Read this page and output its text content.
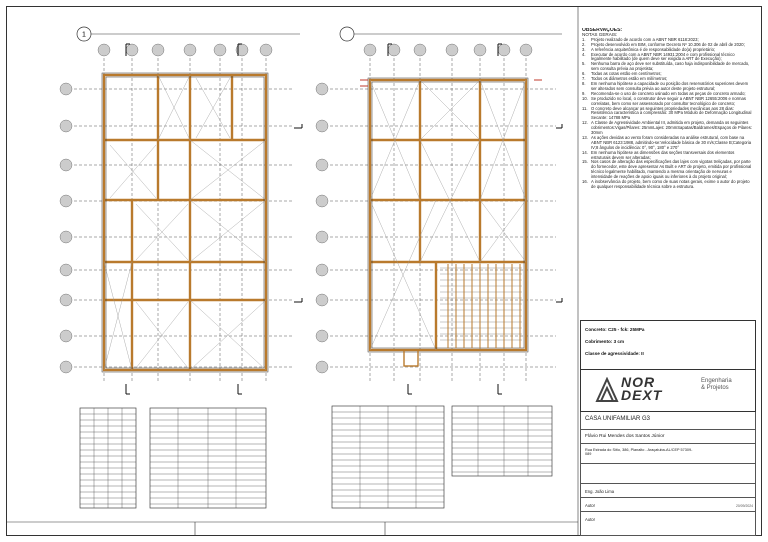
1
OBSERVAÇÕES:
NOTAS GERAIS:
1.	Projeto realizado de acordo com a ABNT NBR 6118:2023;
2.	Projeto desenvolvido em BIM, conforme Decreto Nº 10.306 de 02 de abril de 2020;
3.	A referência arquitetônica é de responsabilidade do(a) proprietário;
4.	Executar de acordo com a ABNT NBR 14931:2004 e com profissional técnico legalmente habilitado (de quem deve ser exigida a ART de Execução);
5.	Nenhuma barra de aço deve ser substituída, caso haja indisponibilidade de mercado, sem consulta prévia ao projetista;
6.	Todas as cotas estão em centímetros;
7.	Todos os diâmetros estão em milímetros;
8.	Em nenhuma hipótese a capacidade ou posição dos reservatórios superiores devem ser alterados sem consulta prévia ao autor deste projeto estrutural;
9.	Recomenda-se o uso de concreto usinado em todas as peças de concreto armado;
10. Se produzido no local, o construtor deve seguir a ABNT NBR 12655:2006 e normas correlatas, bem como ser assessorado por consultor tecnológico de concreto;
11. O concreto deve alcançar as seguintes propriedades mecânicas aos 28 dias: Resistência característica à compressão: 30 MPa Módulo de Deformação Longitudinal Secante: 14788 MPa
12. A Classe de Agressividade Ambiental III, admitida em projeto, demanda os seguintes cobrimentos:Vigas/Pilares: 25mmLajes: 20mmSapatas/Baldrames/Espaços de Pilares: 30mm
13. As ações devidas ao vento foram consideradas na análise estrutural, com base na ABNT NBR 6123:1988, admitindo-se:Velocidade básica de 30 m/s;Classe B;Categoria IV;8 ângulos de incidência: 0°, 90°, 180° e 270°
14. Em nenhuma hipótese as dimensões das seções transversais dos elementos estruturais devem ser alteradas;
15. Nos casos de alteração das especificações das lajes com vigotas treliçadas, por parte do fornecedor, este deve apresentar As Built e ART de projeto, emitida por profissional técnico legalmente habilitado, mantendo a mesma orientação de nervuras e intensidade de reações de apoio iguais ou inferiores à do projeto original;
16. A inobservância do projeto, bem como de suas notas gerais, exime o autor do projeto de qualquer responsabilidade técnica sobre a estrutura.
Concreto: C25 - fck: 25MPa
Cobrimento: 3 cm
Classe de agressividade: II
NOR
DEXT
Engenharia
& Projetos
CASA UNIFAMILIAR G3
Flávio Rui Mendes dos Santos Júnior
Rua Estrada do Sítio, 386, Planalto - Araçatuba-AL/CEP 57309-089
Eng. João Lima
Autor	20/09/2024
Autor
